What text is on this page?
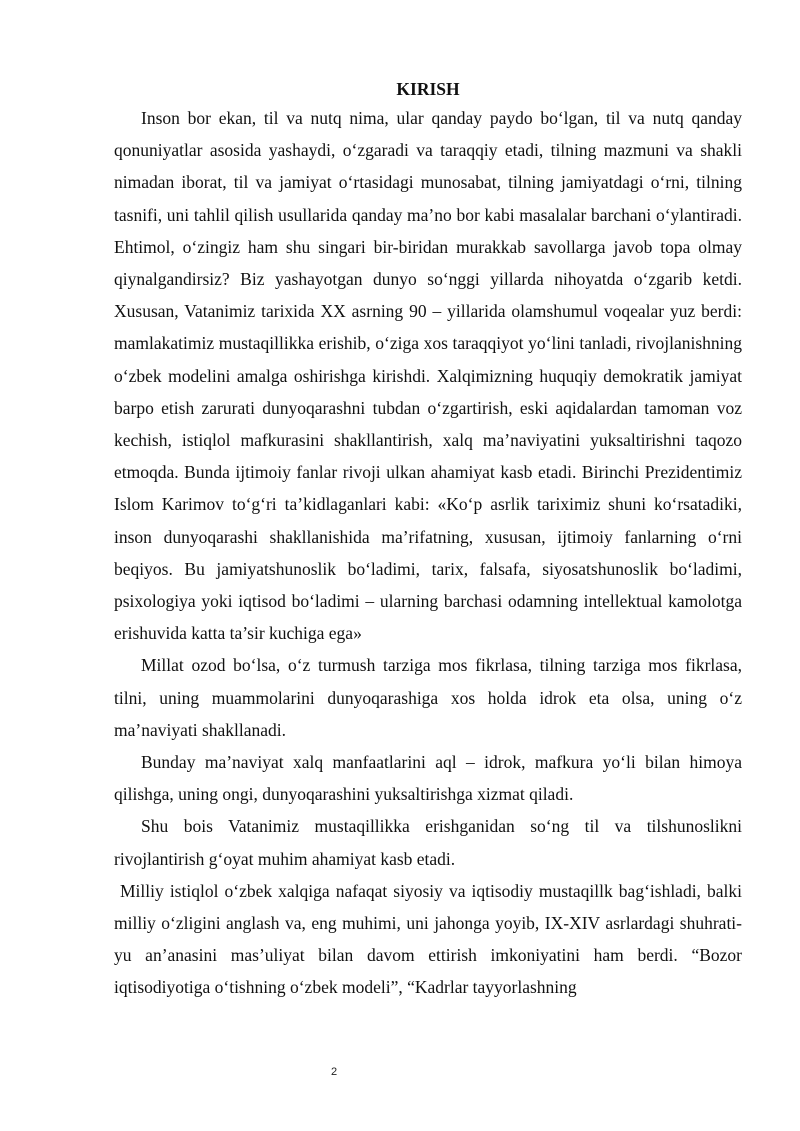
KIRISH

Inson bor ekan, til va nutq nima, ular qanday paydo bo‘lgan, til va nutq qanday qonuniyatlar asosida yashaydi, o‘zgaradi va taraqqiy etadi, tilning mazmuni va shakli nimadan iborat, til va jamiyat o‘rtasidagi munosabat, tilning jamiyatdagi o‘rni, tilning tasnifi, uni tahlil qilish usullarida qanday ma’no bor kabi masalalar barchani o‘ylantiradi. Ehtimol, o‘zingiz ham shu singari bir-biridan murakkab savollarga javob topa olmay qiynalgandirsiz? Biz yashayotgan dunyo so‘nggi yillarda nihoyatda o‘zgarib ketdi. Xususan, Vatanimiz tarixida XX asrning 90 – yillarida olamshumul voqealar yuz berdi: mamlakatimiz mustaqillikka erishib, o‘ziga xos taraqqiyot yo‘lini tanladi, rivojlanishning o‘zbek modelini amalga oshirishga kirishdi. Xalqimizning huquqiy demokratik jamiyat barpo etish zarurati dunyoqarashni tubdan o‘zgartirish, eski aqidalardan tamoman voz kechish, istiqlol mafkurasini shakllantirish, xalq ma’naviyatini yuksaltirishni taqozo etmoqda. Bunda ijtimoiy fanlar rivoji ulkan ahamiyat kasb etadi. Birinchi Prezidentimiz Islom Karimov to‘g‘ri ta’kidlaganlari kabi: «Ko‘p asrlik tariximiz shuni ko‘rsatadiki, inson dunyoqarashi shakllanishida ma’rifatning, xususan, ijtimoiy fanlarning o‘rni beqiyos. Bu jamiyatshunoslik bo‘ladimi, tarix, falsafa, siyosatshunoslik bo‘ladimi, psixologiya yoki iqtisod bo‘ladimi – ularning barchasi odamning intellektual kamolotga erishuvida katta ta’sir kuchiga ega»

Millat ozod bo‘lsa, o‘z turmush tarziga mos fikrlasa, tilning tarziga mos fikrlasa, tilni, uning muammolarini dunyoqarashiga xos holda idrok eta olsa, uning o‘z ma’naviyati shakllanadi.

Bunday ma’naviyat xalq manfaatlarini aql – idrok, mafkura yo‘li bilan himoya qilishga, uning ongi, dunyoqarashini yuksaltirishga xizmat qiladi.

Shu bois Vatanimiz mustaqillikka erishganidan so‘ng til va tilshunoslikni rivojlantirish g‘oyat muhim ahamiyat kasb etadi.

Milliy istiqlol o‘zbek xalqiga nafaqat siyosiy va iqtisodiy mustaqillk bag‘ishladi, balki milliy o‘zligini anglash va, eng muhimi, uni jahonga yoyib, IX-XIV asrlardagi shuhrati-yu an’anasini mas’uliyat bilan davom ettirish imkoniyatini ham berdi. “Bozor iqtisodiyotiga o‘tishning o‘zbek modeli”, “Kadrlar tayyorlashning

2
